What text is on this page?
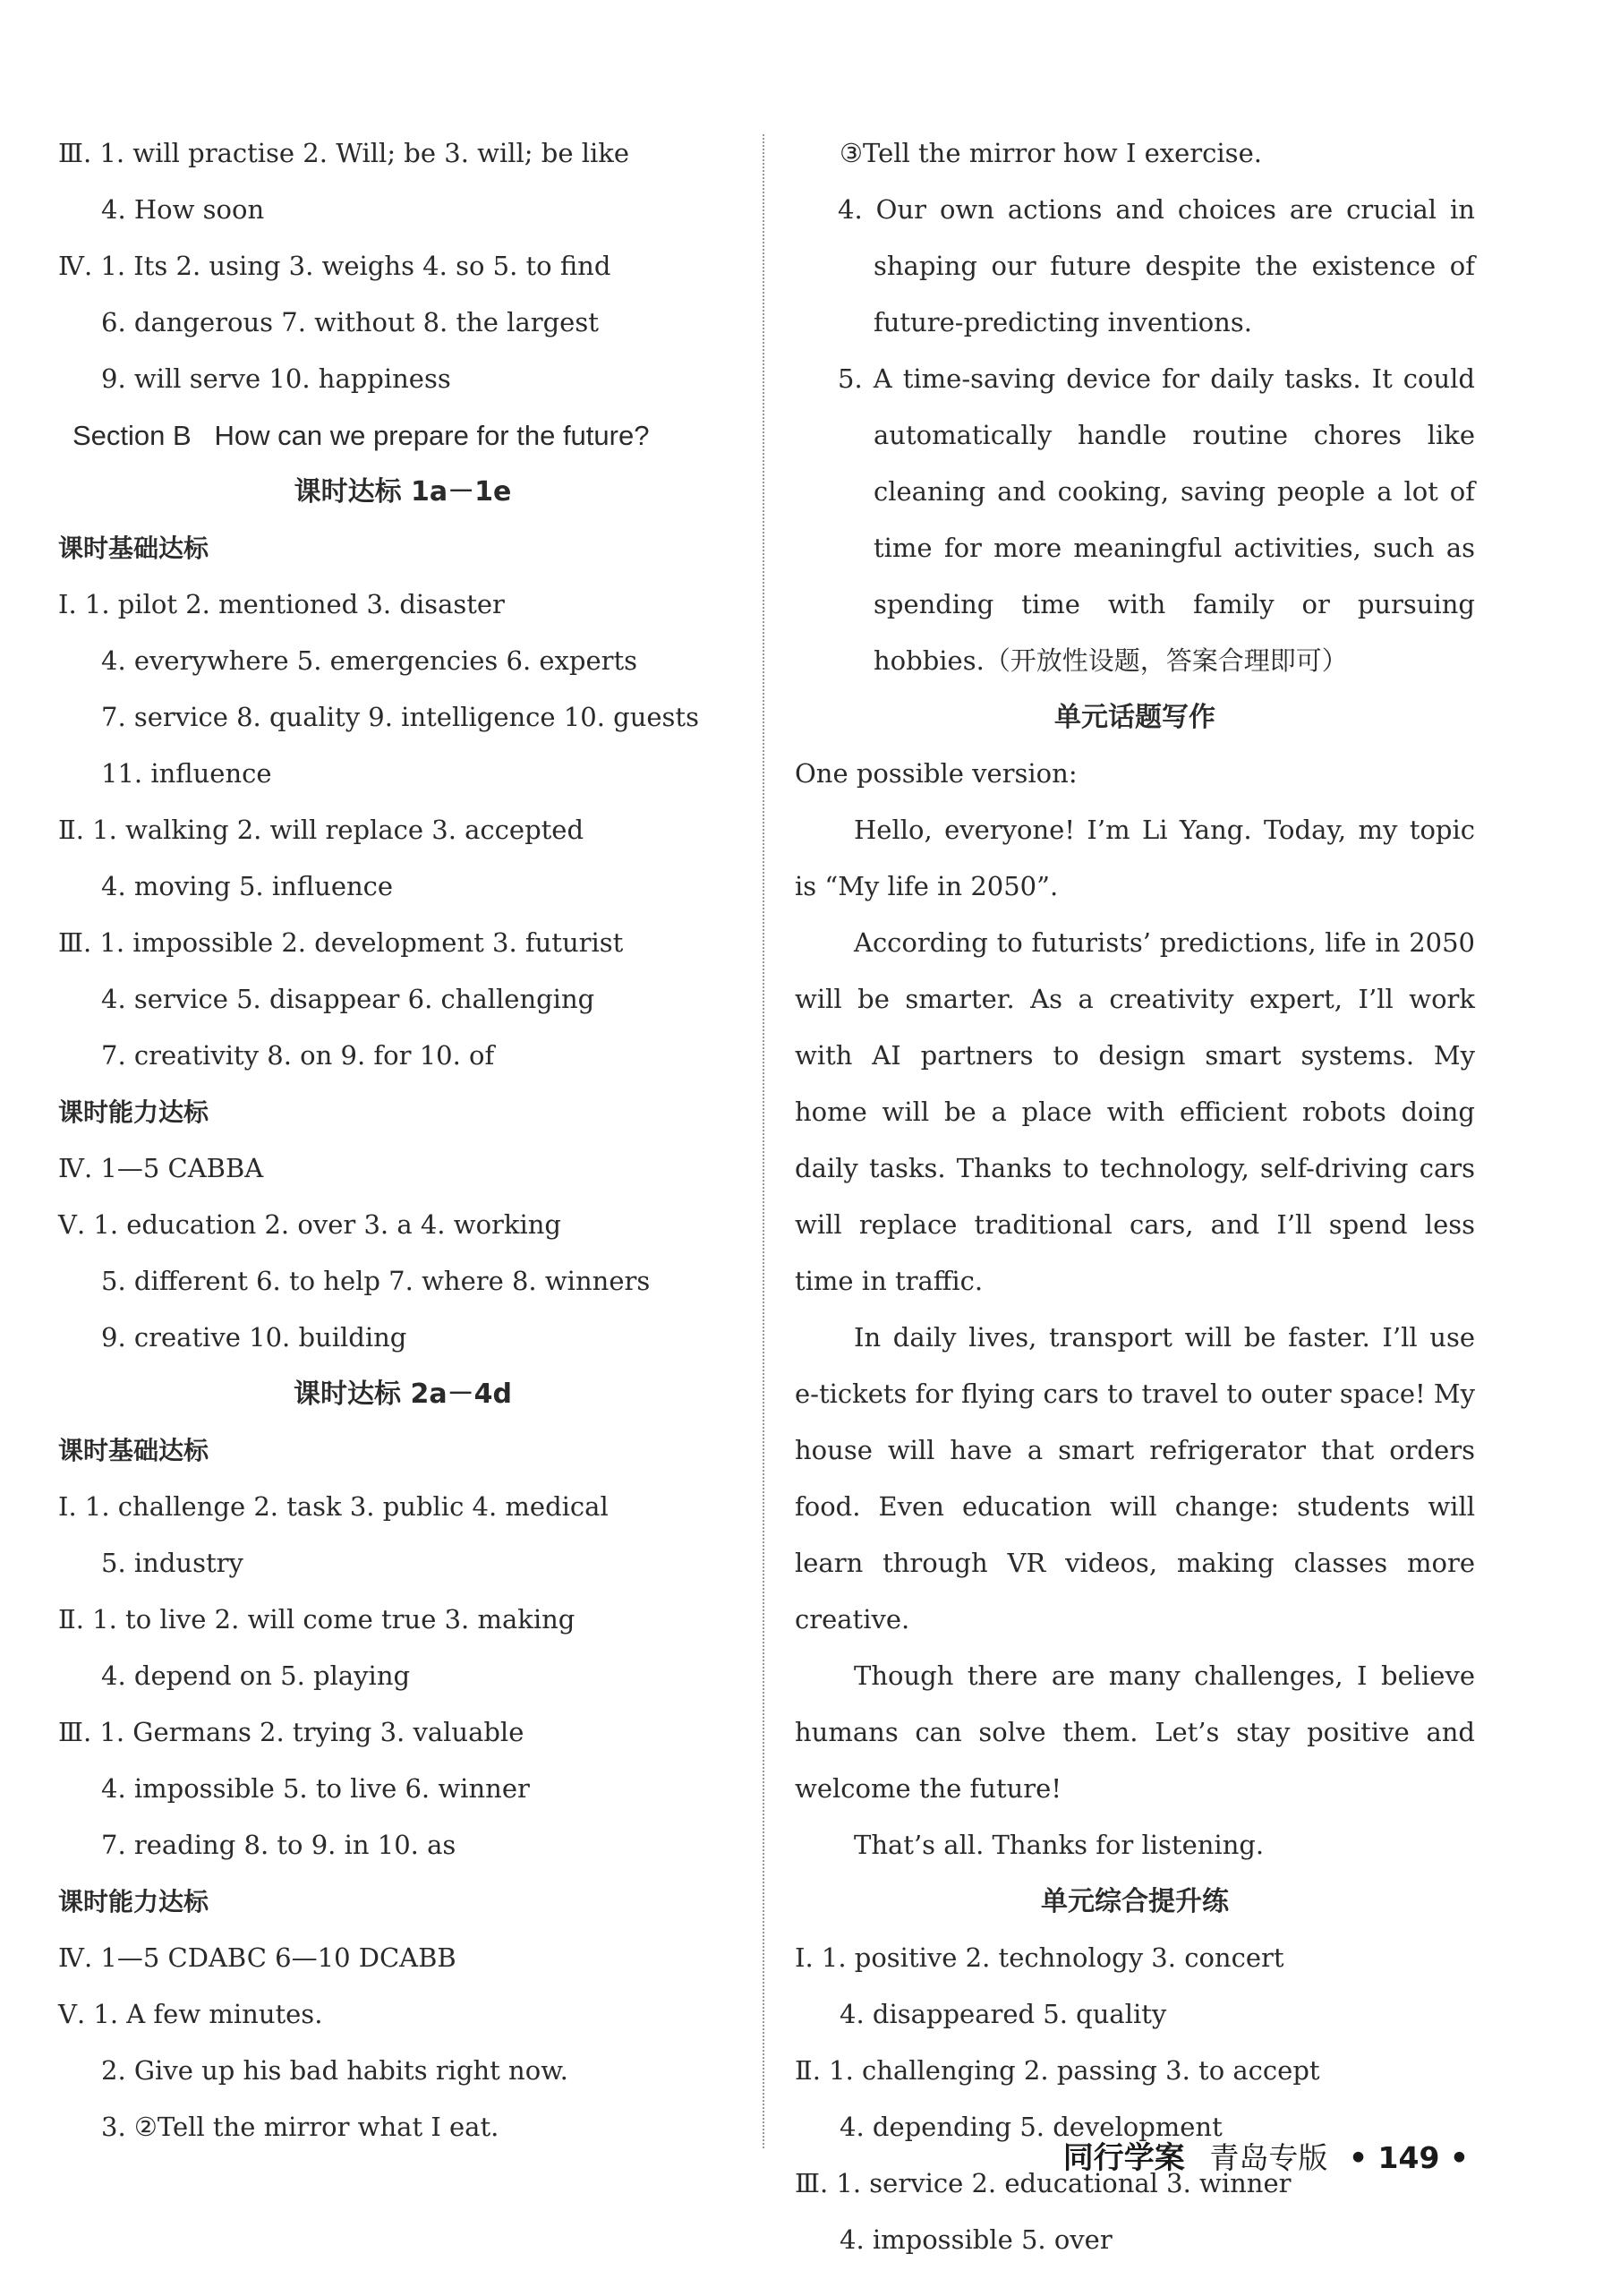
Ⅲ. 1. will practise 2. Will; be 3. will; be like
4. How soon
Ⅳ. 1. Its 2. using 3. weighs 4. so 5. to find
6. dangerous 7. without 8. the largest
9. will serve 10. happiness
Section B   How can we prepare for the future?
课时达标 1a－1e
课时基础达标
Ⅰ. 1. pilot 2. mentioned 3. disaster
4. everywhere 5. emergencies 6. experts
7. service 8. quality 9. intelligence 10. guests
11. influence
Ⅱ. 1. walking 2. will replace 3. accepted
4. moving 5. influence
Ⅲ. 1. impossible 2. development 3. futurist
4. service 5. disappear 6. challenging
7. creativity 8. on 9. for 10. of
课时能力达标
Ⅳ. 1—5 CABBA
Ⅴ. 1. education 2. over 3. a 4. working
5. different 6. to help 7. where 8. winners
9. creative 10. building
课时达标 2a－4d
课时基础达标
Ⅰ. 1. challenge 2. task 3. public 4. medical
5. industry
Ⅱ. 1. to live 2. will come true 3. making
4. depend on 5. playing
Ⅲ. 1. Germans 2. trying 3. valuable
4. impossible 5. to live 6. winner
7. reading 8. to 9. in 10. as
课时能力达标
Ⅳ. 1—5 CDABC 6—10 DCABB
Ⅴ. 1. A few minutes.
2. Give up his bad habits right now.
3. ②Tell the mirror what I eat.
③Tell the mirror how I exercise.
4. Our own actions and choices are crucial in shaping our future despite the existence of future-predicting inventions.
5. A time-saving device for daily tasks. It could automatically handle routine chores like cleaning and cooking, saving people a lot of time for more meaningful activities, such as spending time with family or pursuing hobbies.（开放性设题，答案合理即可）
单元话题写作
One possible version:
Hello, everyone! I’m Li Yang. Today, my topic is “My life in 2050”.
According to futurists’ predictions, life in 2050 will be smarter. As a creativity expert, I’ll work with AI partners to design smart systems. My home will be a place with efficient robots doing daily tasks. Thanks to technology, self-driving cars will replace traditional cars, and I’ll spend less time in traffic.
In daily lives, transport will be faster. I’ll use e-tickets for flying cars to travel to outer space! My house will have a smart refrigerator that orders food. Even education will change: students will learn through VR videos, making classes more creative.
Though there are many challenges, I believe humans can solve them. Let’s stay positive and welcome the future!
That’s all. Thanks for listening.
单元综合提升练
Ⅰ. 1. positive 2. technology 3. concert
4. disappeared 5. quality
Ⅱ. 1. challenging 2. passing 3. to accept
4. depending 5. development
Ⅲ. 1. service 2. educational 3. winner
4. impossible 5. over
同行学案 青岛专版 • 149 •
